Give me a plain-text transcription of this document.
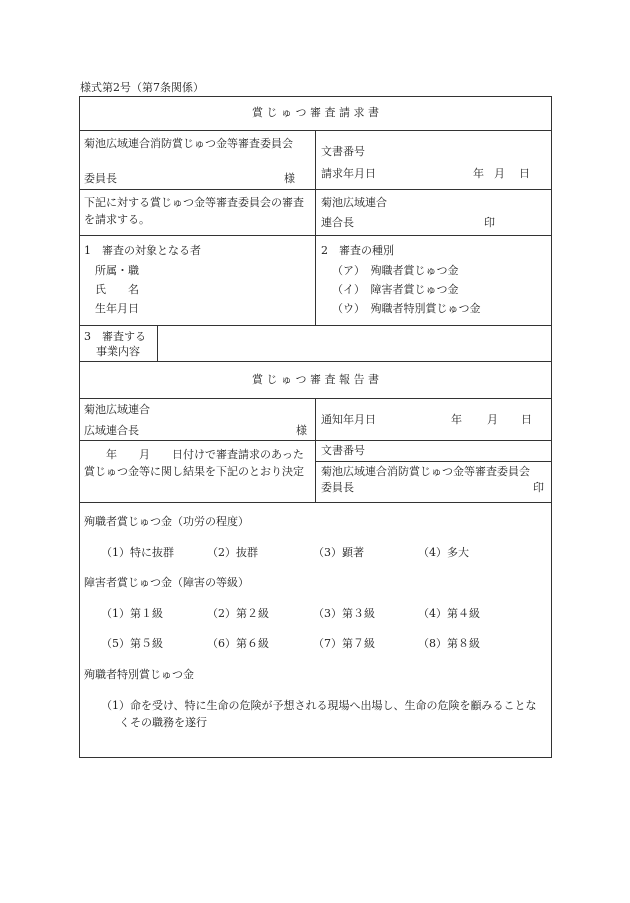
様式第2号（第7条関係）
賞 じ ゅ つ 審 査 請 求 書
菊池広域連合消防賞じゅつ金等審査委員会
委員長	様
文書番号
請求年月日	年 月 日
下記に対する賞じゅつ金等審査委員会の審査を請求する。
菊池広域連合
連合長	印
1　審査の対象となる者
所属・職
氏　　名
生年月日
2　審査の種別
（ア）　殉職者賞じゅつ金
（イ）　障害者賞じゅつ金
（ウ）　殉職者特別賞じゅつ金
3　審査する
事業内容
賞 じ ゅ つ 審 査 報 告 書
菊池広域連合
広域連合長	様
通知年月日	年 月 日
　　年　　月　　日付けで審査請求のあった賞じゅつ金等に関し結果を下記のとおり決定
文書番号
菊池広域連合消防賞じゅつ金等審査委員会
委員長	印
殉職者賞じゅつ金（功労の程度）
（1）特に抜群	（2）抜群	（3）顕著	（4）多大
障害者賞じゅつ金（障害の等級）
（1）第１級	（2）第２級	（3）第３級	（4）第４級
（5）第５級	（6）第６級	（7）第７級	（8）第８級
殉職者特別賞じゅつ金
（1）命を受け、特に生命の危険が予想される現場へ出場し、生命の危険を顧みることなくその職務を遂行
